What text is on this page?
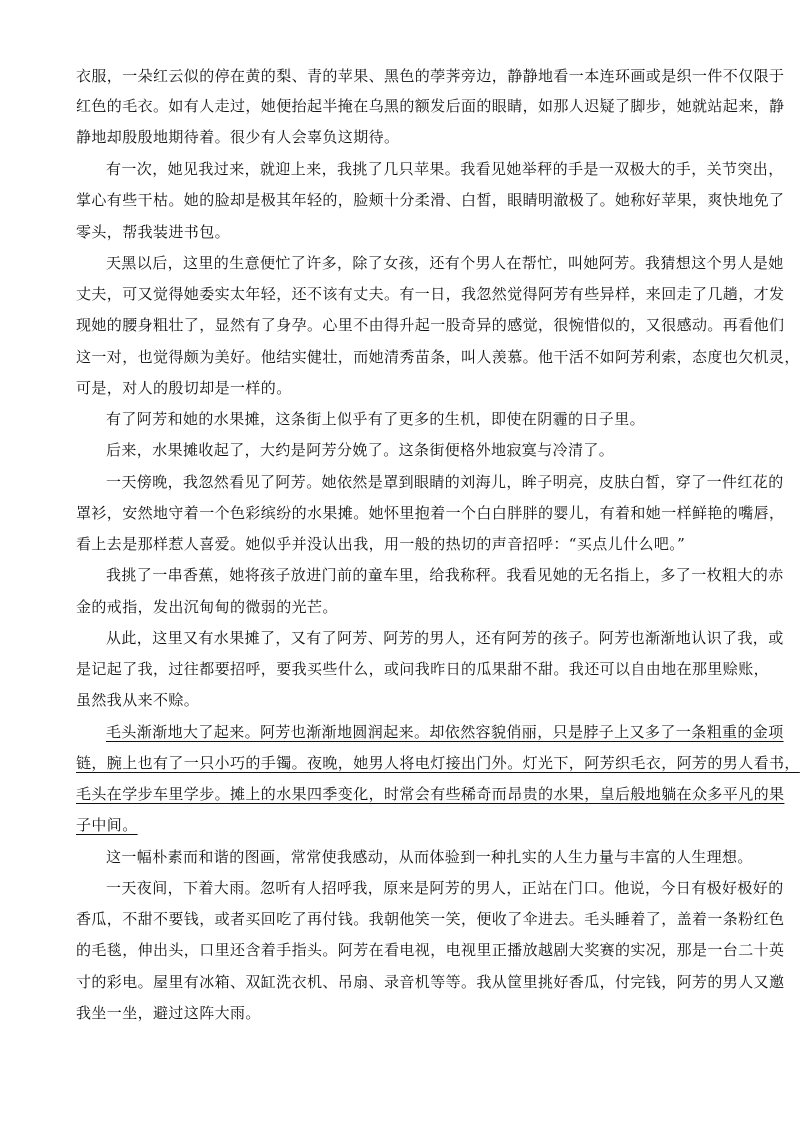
衣服，一朵红云似的停在黄的梨、青的苹果、黑色的荸荠旁边，静静地看一本连环画或是织一件不仅限于
红色的毛衣。如有人走过，她便抬起半掩在乌黑的额发后面的眼睛，如那人迟疑了脚步，她就站起来，静
静地却殷殷地期待着。很少有人会辜负这期待。
有一次，她见我过来，就迎上来，我挑了几只苹果。我看见她举秤的手是一双极大的手，关节突出，
掌心有些干枯。她的脸却是极其年轻的，脸颊十分柔滑、白皙，眼睛明澈极了。她称好苹果，爽快地免了
零头，帮我装进书包。
天黑以后，这里的生意便忙了许多，除了女孩，还有个男人在帮忙，叫她阿芳。我猜想这个男人是她
丈夫，可又觉得她委实太年轻，还不该有丈夫。有一日，我忽然觉得阿芳有些异样，来回走了几趟，才发
现她的腰身粗壮了，显然有了身孕。心里不由得升起一股奇异的感觉，很惋惜似的，又很感动。再看他们
这一对，也觉得颇为美好。他结实健壮，而她清秀苗条，叫人羡慕。他干活不如阿芳利索，态度也欠机灵，
可是，对人的殷切却是一样的。
有了阿芳和她的水果摊，这条街上似乎有了更多的生机，即使在阴霾的日子里。
后来，水果摊收起了，大约是阿芳分娩了。这条街便格外地寂寞与冷清了。
一天傍晚，我忽然看见了阿芳。她依然是罩到眼睛的刘海儿，眸子明亮，皮肤白皙，穿了一件红花的
罩衫，安然地守着一个色彩缤纷的水果摊。她怀里抱着一个白白胖胖的婴儿，有着和她一样鲜艳的嘴唇，
看上去是那样惹人喜爱。她似乎并没认出我，用一般的热切的声音招呼：“买点儿什么吧。”
我挑了一串香蕉，她将孩子放进门前的童车里，给我称秤。我看见她的无名指上，多了一枚粗大的赤
金的戒指，发出沉甸甸的微弱的光芒。
从此，这里又有水果摊了，又有了阿芳、阿芳的男人，还有阿芳的孩子。阿芳也渐渐地认识了我，或
是记起了我，过往都要招呼，要我买些什么，或问我昨日的瓜果甜不甜。我还可以自由地在那里赊账，
虽然我从来不赊。
毛头渐渐地大了起来。阿芳也渐渐地圆润起来。却依然容貌俏丽，只是脖子上又多了一条粗重的金项
链，腕上也有了一只小巧的手镯。夜晚，她男人将电灯接出门外。灯光下，阿芳织毛衣，阿芳的男人看书，
毛头在学步车里学步。摊上的水果四季变化，时常会有些稀奇而昂贵的水果，皇后般地躺在众多平凡的果
子中间。
这一幅朴素而和谐的图画，常常使我感动，从而体验到一种扎实的人生力量与丰富的人生理想。
一天夜间，下着大雨。忽听有人招呼我，原来是阿芳的男人，正站在门口。他说，今日有极好极好的
香瓜，不甜不要钱，或者买回吃了再付钱。我朝他笑一笑，便收了伞进去。毛头睡着了，盖着一条粉红色
的毛毯，伸出头，口里还含着手指头。阿芳在看电视，电视里正播放越剧大奖赛的实况，那是一台二十英
寸的彩电。屋里有冰箱、双缸洗衣机、吊扇、录音机等等。我从筐里挑好香瓜，付完钱，阿芳的男人又邀
我坐一坐，避过这阵大雨。
